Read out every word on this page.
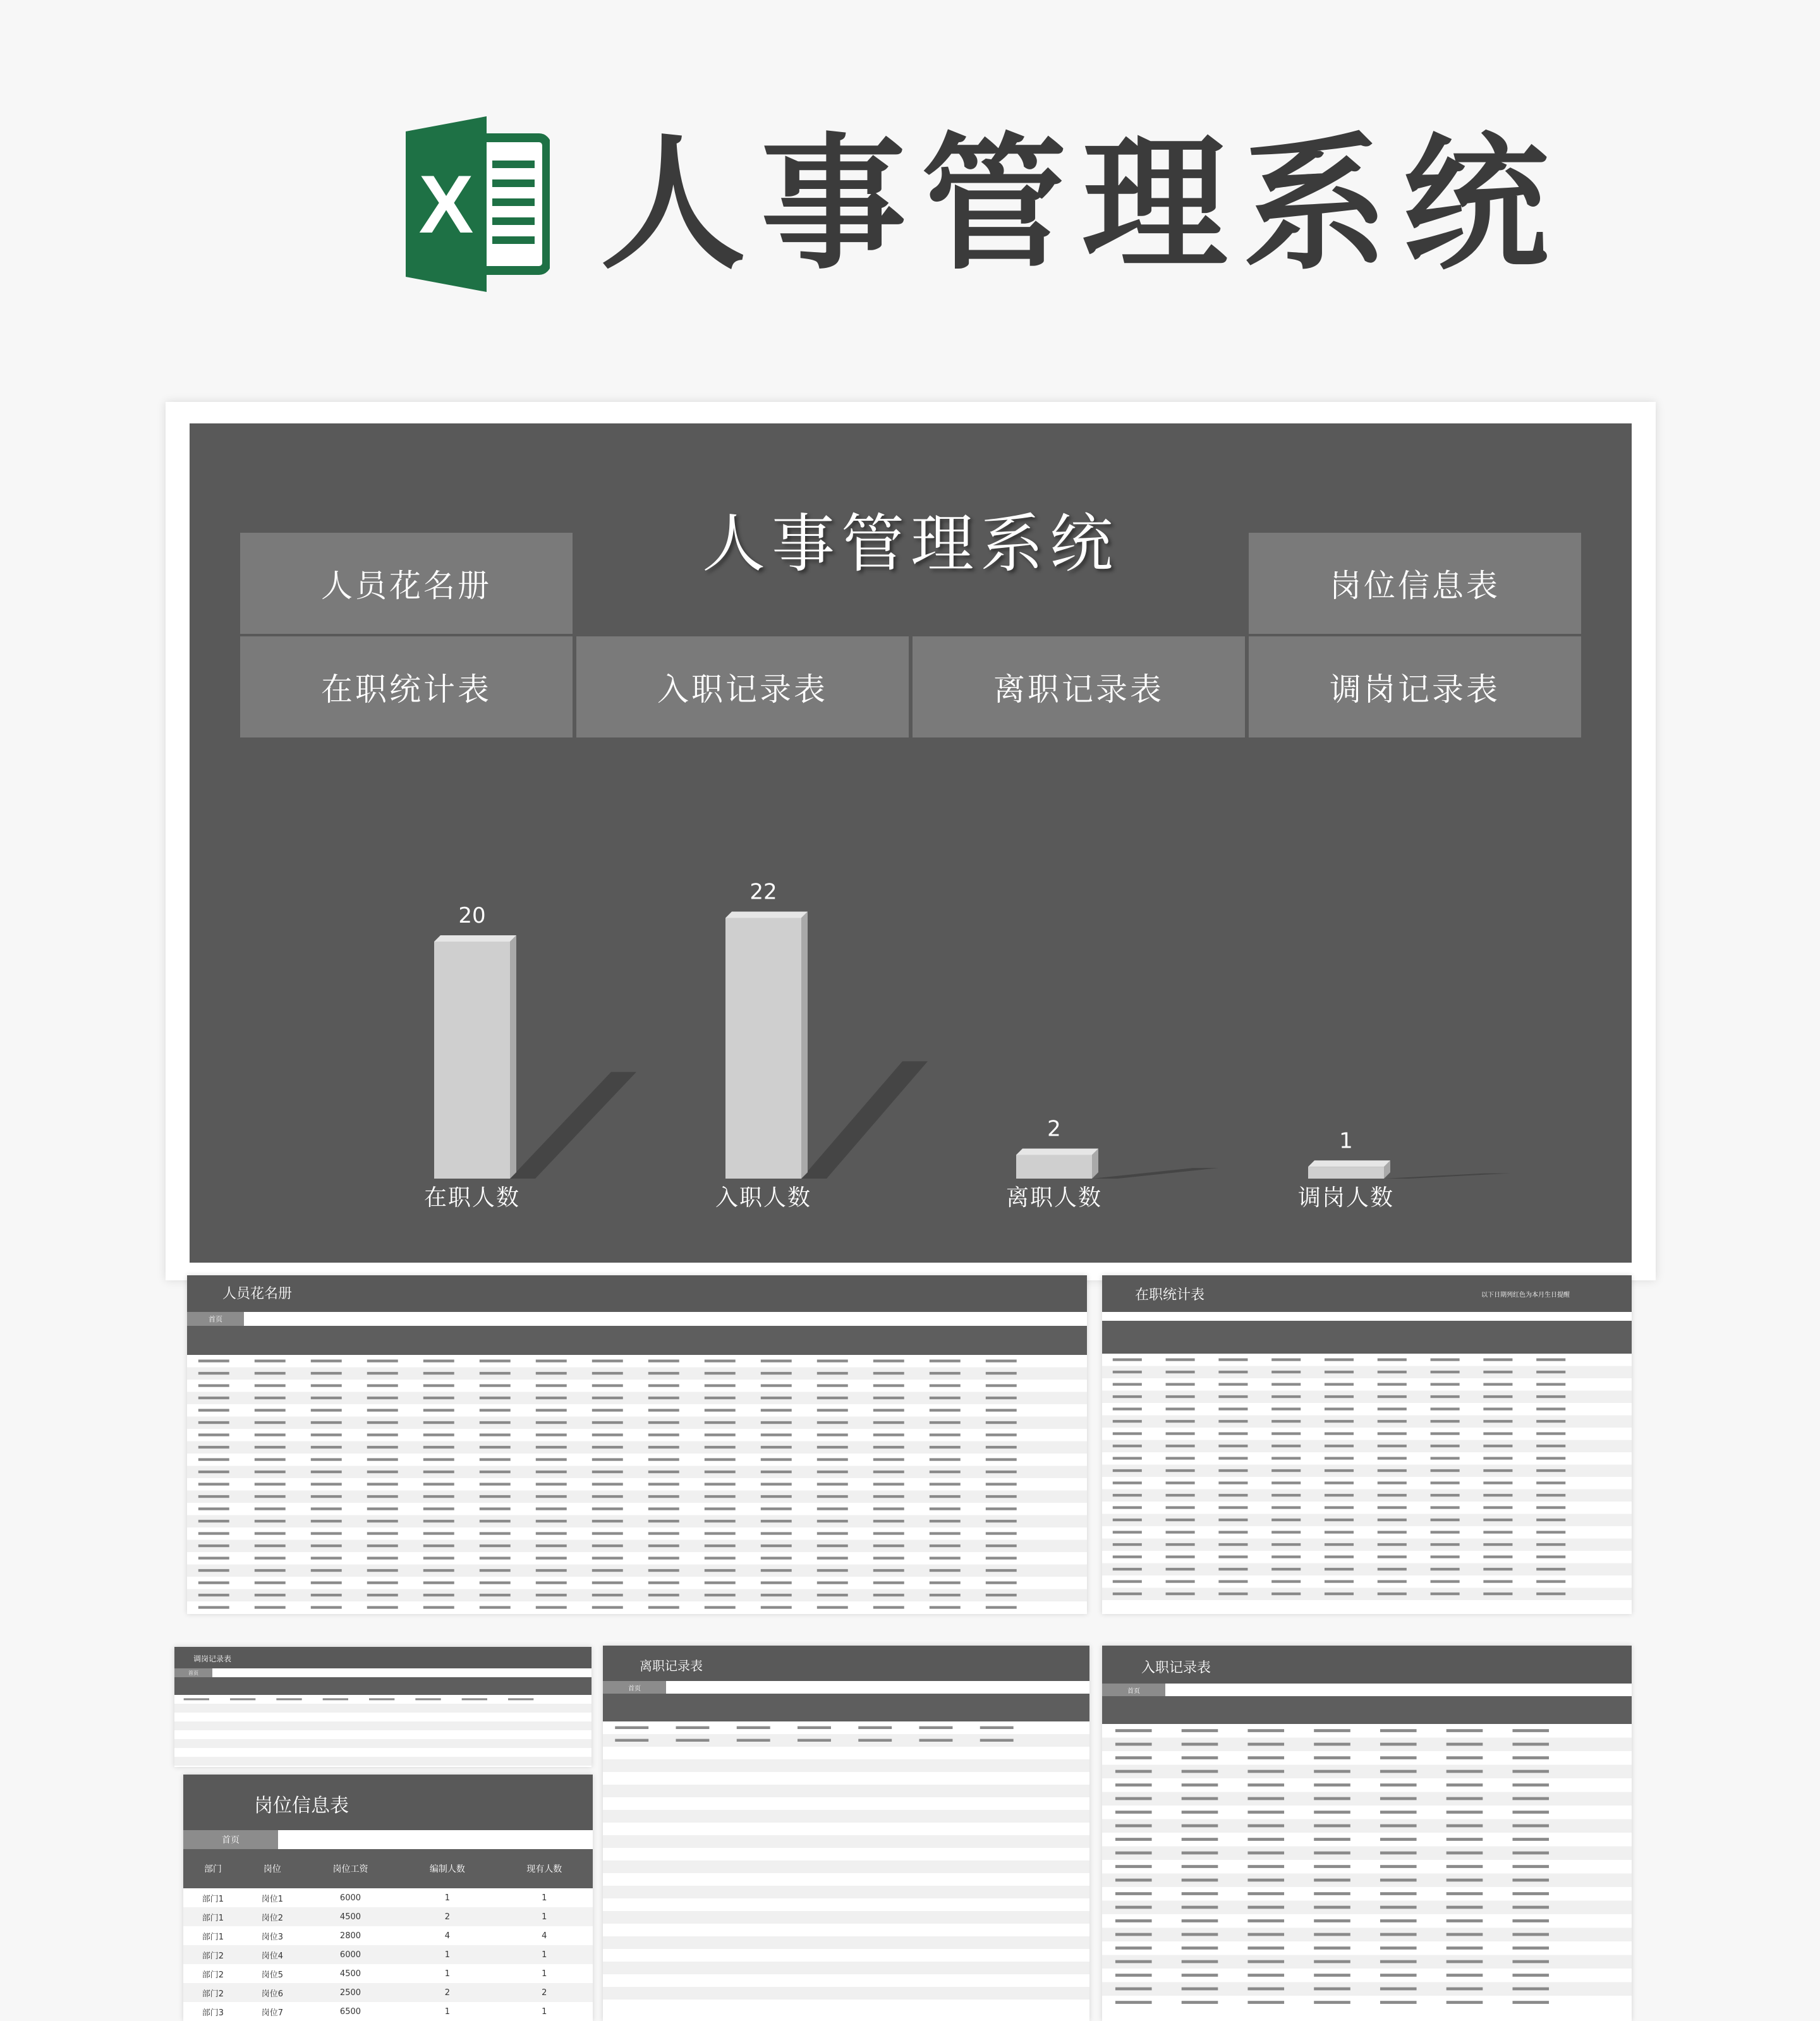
X 人事管理系统
人事管理系统
人员花名册	岗位信息表
在职统计表	入职记录表	离职记录表	调岗记录表
20
在职人数
22
入职人数
2
离职人数
1
调岗人数
人员花名册
首页
在职统计表	以下日期列红色为本月生日提醒
调岗记录表
首页
岗位信息表
首页
部门	岗位	岗位工资	编制人数	现有人数
部门1	岗位1	6000	1	1
部门1	岗位2	4500	2	1
部门1	岗位3	2800	4	4
部门2	岗位4	6000	1	1
部门2	岗位5	4500	1	1
部门2	岗位6	2500	2	2
部门3	岗位7	6500	1	1
离职记录表
首页
入职记录表
首页
